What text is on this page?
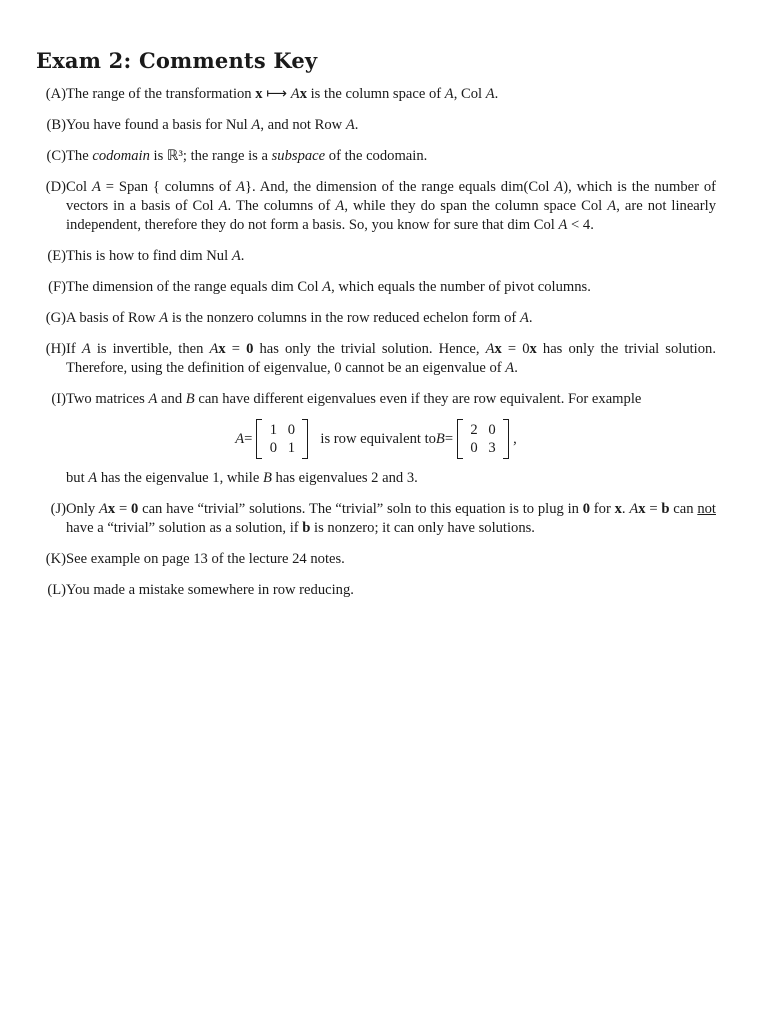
Exam 2: Comments Key
(A) The range of the transformation x ⟼ Ax is the column space of A, Col A.
(B) You have found a basis for Nul A, and not Row A.
(C) The codomain is ℝ³; the range is a subspace of the codomain.
(D) Col A = Span { columns of A}. And, the dimension of the range equals dim(Col A), which is the number of vectors in a basis of Col A. The columns of A, while they do span the column space Col A, are not linearly independent, therefore they do not form a basis. So, you know for sure that dim Col A < 4.
(E) This is how to find dim Nul A.
(F) The dimension of the range equals dim Col A, which equals the number of pivot columns.
(G) A basis of Row A is the nonzero columns in the row reduced echelon form of A.
(H) If A is invertible, then Ax = 0 has only the trivial solution. Hence, Ax = 0x has only the trivial solution. Therefore, using the definition of eigenvalue, 0 cannot be an eigenvalue of A.
(I) Two matrices A and B can have different eigenvalues even if they are row equivalent. For example

A =
1 0
0 1
is row equivalent to B =
2 0
0 3
,

but A has the eigenvalue 1, while B has eigenvalues 2 and 3.

(J) Only Ax = 0 can have “trivial” solutions. The “trivial” soln to this equation is to plug in 0 for x. Ax = b can not have a “trivial” solution as a solution, if b is nonzero; it can only have solutions.
(K) See example on page 13 of the lecture 24 notes.
(L) You made a mistake somewhere in row reducing.
